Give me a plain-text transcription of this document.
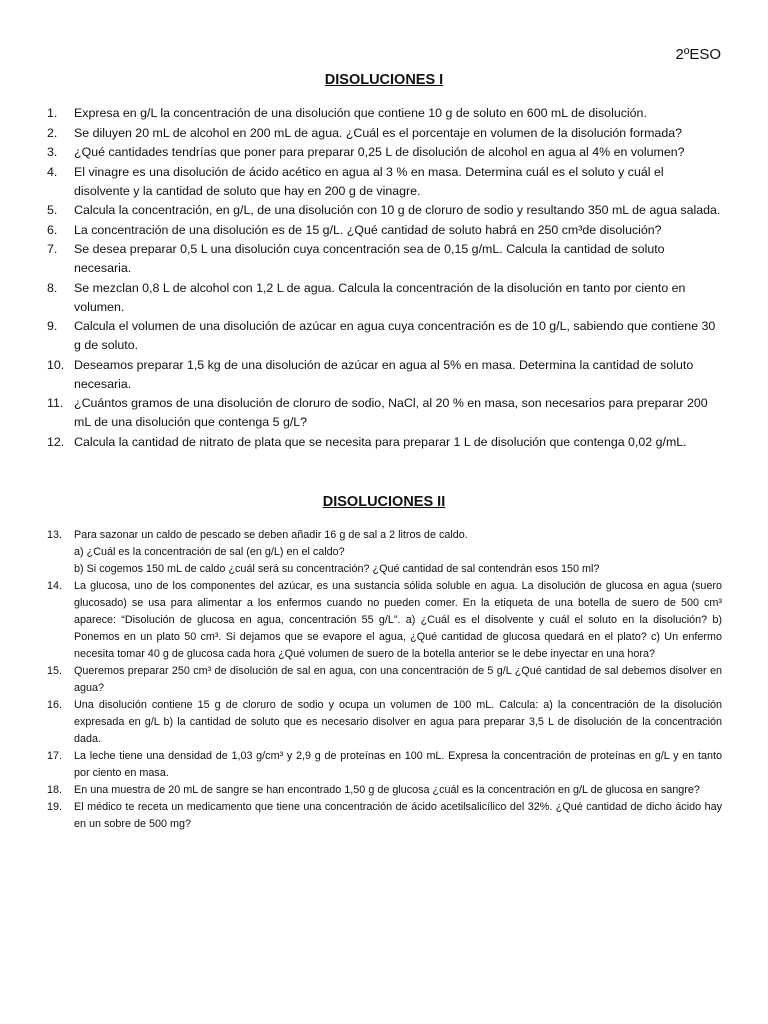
2ºESO
DISOLUCIONES I
1. Expresa en g/L la concentración de una disolución que contiene 10 g de soluto en 600 mL de disolución.
2. Se diluyen 20 mL de alcohol en 200 mL de agua. ¿Cuál es el porcentaje en volumen de la disolución formada?
3. ¿Qué cantidades tendrías que poner para preparar 0,25 L de disolución de alcohol en agua al 4% en volumen?
4. El vinagre es una disolución de ácido acético en agua al 3 % en masa. Determina cuál es el soluto y cuál el disolvente y la cantidad de soluto que hay en 200 g de vinagre.
5. Calcula la concentración, en g/L, de una disolución con 10 g de cloruro de sodio y resultando 350 mL de agua salada.
6. La concentración de una disolución es de 15 g/L. ¿Qué cantidad de soluto habrá en 250 cm³de disolución?
7. Se desea preparar 0,5 L una disolución cuya concentración sea de 0,15 g/mL. Calcula la cantidad de soluto necesaria.
8. Se mezclan 0,8 L de alcohol con 1,2 L de agua. Calcula la concentración de la disolución en tanto por ciento en volumen.
9. Calcula el volumen de una disolución de azúcar en agua cuya concentración es de 10 g/L, sabiendo que contiene 30 g de soluto.
10. Deseamos preparar 1,5 kg de una disolución de azúcar en agua al 5% en masa. Determina la cantidad de soluto necesaria.
11. ¿Cuántos gramos de una disolución de cloruro de sodio, NaCl, al 20 % en masa, son necesarios para preparar 200 mL de una disolución que contenga 5 g/L?
12. Calcula la cantidad de nitrato de plata que se necesita para preparar 1 L de disolución que contenga 0,02 g/mL.
DISOLUCIONES II
13. Para sazonar un caldo de pescado se deben añadir 16 g de sal a 2 litros de caldo.
a) ¿Cuál es la concentración de sal (en g/L) en el caldo?
b) Si cogemos 150 mL de caldo ¿cuál será su concentración? ¿Qué cantidad de sal contendrán esos 150 ml?
14. La glucosa, uno de los componentes del azúcar, es una sustancia sólida soluble en agua. La disolución de glucosa en agua (suero glucosado) se usa para alimentar a los enfermos cuando no pueden comer. En la etiqueta de una botella de suero de 500 cm³ aparece: “Disolución de glucosa en agua, concentración 55 g/L”. a) ¿Cuál es el disolvente y cuál el soluto en la disolución? b) Ponemos en un plato 50 cm³. Si dejamos que se evapore el agua, ¿Qué cantidad de glucosa quedará en el plato? c) Un enfermo necesita tomar 40 g de glucosa cada hora ¿Qué volumen de suero de la botella anterior se le debe inyectar en una hora?
15. Queremos preparar 250 cm³ de disolución de sal en agua, con una concentración de 5 g/L ¿Qué cantidad de sal debemos disolver en agua?
16. Una disolución contiene 15 g de cloruro de sodio y ocupa un volumen de 100 mL. Calcula: a) la concentración de la disolución expresada en g/L b) la cantidad de soluto que es necesario disolver en agua para preparar 3,5 L de disolución de la concentración dada.
17. La leche tiene una densidad de 1,03 g/cm³ y 2,9 g de proteínas en 100 mL. Expresa la concentración de proteínas en g/L y en tanto por ciento en masa.
18. En una muestra de 20 mL de sangre se han encontrado 1,50 g de glucosa ¿cuál es la concentración en g/L de glucosa en sangre?
19. El médico te receta un medicamento que tiene una concentración de ácido acetilsalicílico del 32%. ¿Qué cantidad de dicho ácido hay en un sobre de 500 mg?
